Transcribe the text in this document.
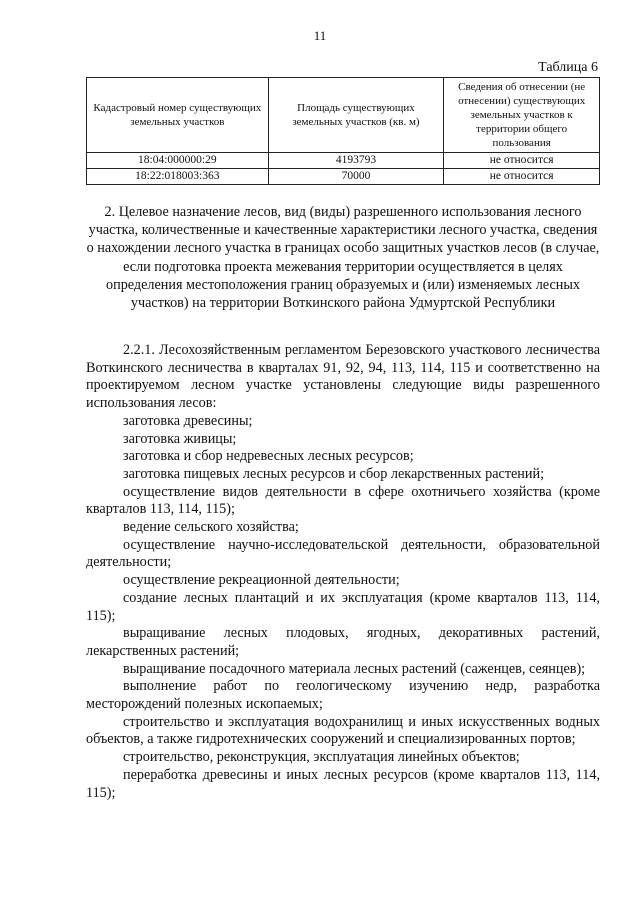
11
Таблица 6
Кадастровый номер существующих земельных участков	Площадь существующих земельных участков (кв. м)	Сведения об отнесении (не отнесении) существующих земельных участков к территории общего пользования
18:04:000000:29	4193793	не относится
18:22:018003:363	70000	не относится
2. Целевое назначение лесов, вид (виды) разрешенного использования лесного участка, количественные и качественные характеристики лесного участка, сведения о нахождении лесного участка в границах особо защитных участков лесов (в случае, если подготовка проекта межевания территории осуществляется в целях определения местоположения границ образуемых и (или) изменяемых лесных участков) на территории Воткинского района Удмуртской Республики

2.2.1. Лесохозяйственным регламентом Березовского участкового лесничества Воткинского лесничества в кварталах 91, 92, 94, 113, 114, 115 и соответственно на проектируемом лесном участке установлены следующие виды разрешенного использования лесов:

заготовка древесины;

заготовка живицы;

заготовка и сбор недревесных лесных ресурсов;

заготовка пищевых лесных ресурсов и сбор лекарственных растений;

осуществление видов деятельности в сфере охотничьего хозяйства (кроме кварталов 113, 114, 115);

ведение сельского хозяйства;

осуществление научно-исследовательской деятельности, образовательной деятельности;

осуществление рекреационной деятельности;

создание лесных плантаций и их эксплуатация (кроме кварталов 113, 114, 115);

выращивание лесных плодовых, ягодных, декоративных растений, лекарственных растений;

выращивание посадочного материала лесных растений (саженцев, сеянцев);

выполнение работ по геологическому изучению недр, разработка месторождений полезных ископаемых;

строительство и эксплуатация водохранилищ и иных искусственных водных объектов, а также гидротехнических сооружений и специализированных портов;

строительство, реконструкция, эксплуатация линейных объектов;

переработка древесины и иных лесных ресурсов (кроме кварталов 113, 114, 115);
